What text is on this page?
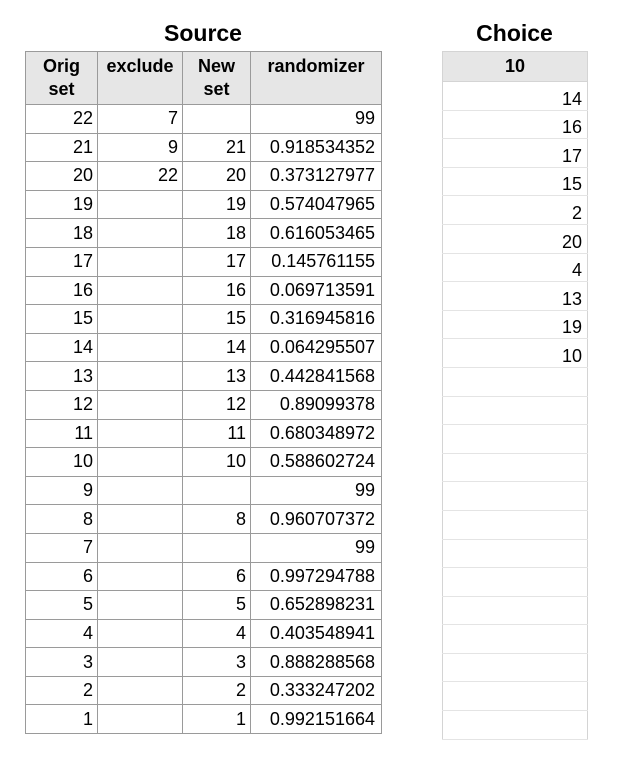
Source	Choice
Orig set	exclude	New set	randomizer
22	7		99
21	9	21	0.918534352
20	22	20	0.373127977
19		19	0.574047965
18		18	0.616053465
17		17	0.145761155
16		16	0.069713591
15		15	0.316945816
14		14	0.064295507
13		13	0.442841568
12		12	0.89099378
11		11	0.680348972
10		10	0.588602724
9			99
8		8	0.960707372
7			99
6		6	0.997294788
5		5	0.652898231
4		4	0.403548941
3		3	0.888288568
2		2	0.333247202
1		1	0.992151664
10
14
16
17
15
2
20
4
13
19
10
